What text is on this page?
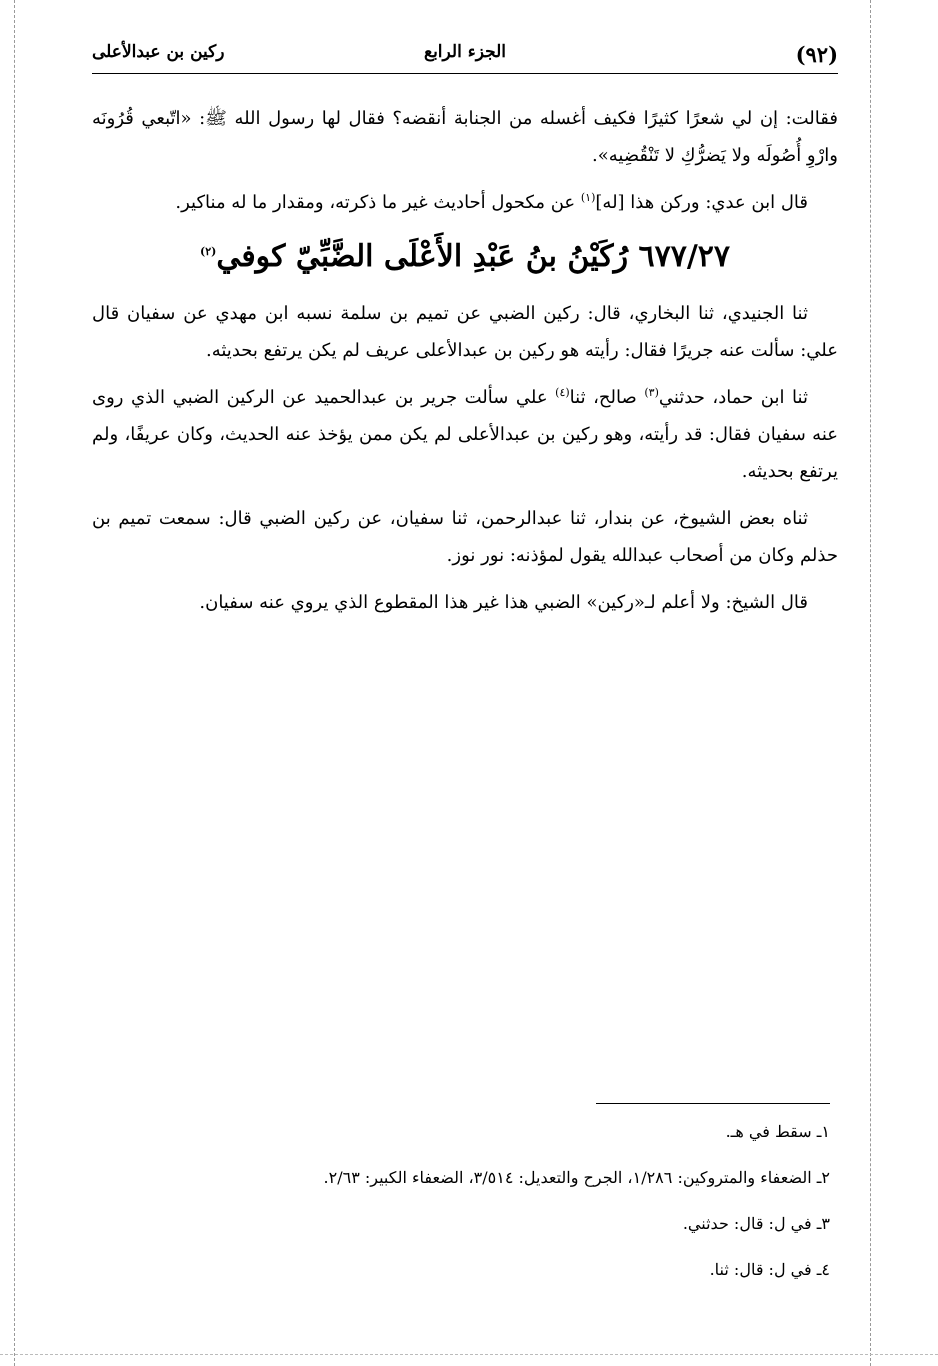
(٩٢)
الجزء الرابع
ركين بن عبدالأعلى

فقالت: إن لي شعرًا كثيرًا فكيف أغسله من الجنابة أنقضه؟ فقال لها رسول الله ﷺ: «اتّبعي قُرُونَه وارْوِ أُصُولَه ولا يَضرُّكِ لا تَنْقُضِيه».

قال ابن عدي: وركن هذا [له]$^{(١)}$ عن مكحول أحاديث غير ما ذكرته، ومقدار ما له مناكير.

٦٧٧/٢٧ رُكَيْنُ بنُ عَبْدِ الأَعْلَى الضَّبِّيّ كوفي$^{(٢)}$

ثنا الجنيدي، ثنا البخاري، قال: ركين الضبي عن تميم بن سلمة نسبه ابن مهدي عن سفيان قال علي: سألت عنه جريرًا فقال: رأيته هو ركين بن عبدالأعلى عريف لم يكن يرتفع بحديثه.

ثنا ابن حماد، حدثني$^{(٣)}$ صالح، ثنا$^{(٤)}$ علي سألت جرير بن عبدالحميد عن الركين الضبي الذي روى عنه سفيان فقال: قد رأيته، وهو ركين بن عبدالأعلى لم يكن ممن يؤخذ عنه الحديث، وكان عريفًا، ولم يرتفع بحديثه.

ثناه بعض الشيوخ، عن بندار، ثنا عبدالرحمن، ثنا سفيان، عن ركين الضبي قال: سمعت تميم بن حذلم وكان من أصحاب عبدالله يقول لمؤذنه: نور نوز.

قال الشيخ: ولا أعلم لـ«ركين» الضبي هذا غير هذا المقطوع الذي يروي عنه سفيان.

١ـ سقط في هـ.

٢ـ الضعفاء والمتروكين: ١/٢٨٦، الجرح والتعديل: ٣/٥١٤، الضعفاء الكبير: ٢/٦٣.

٣ـ في ل: قال: حدثني.

٤ـ في ل: قال: ثنا.
